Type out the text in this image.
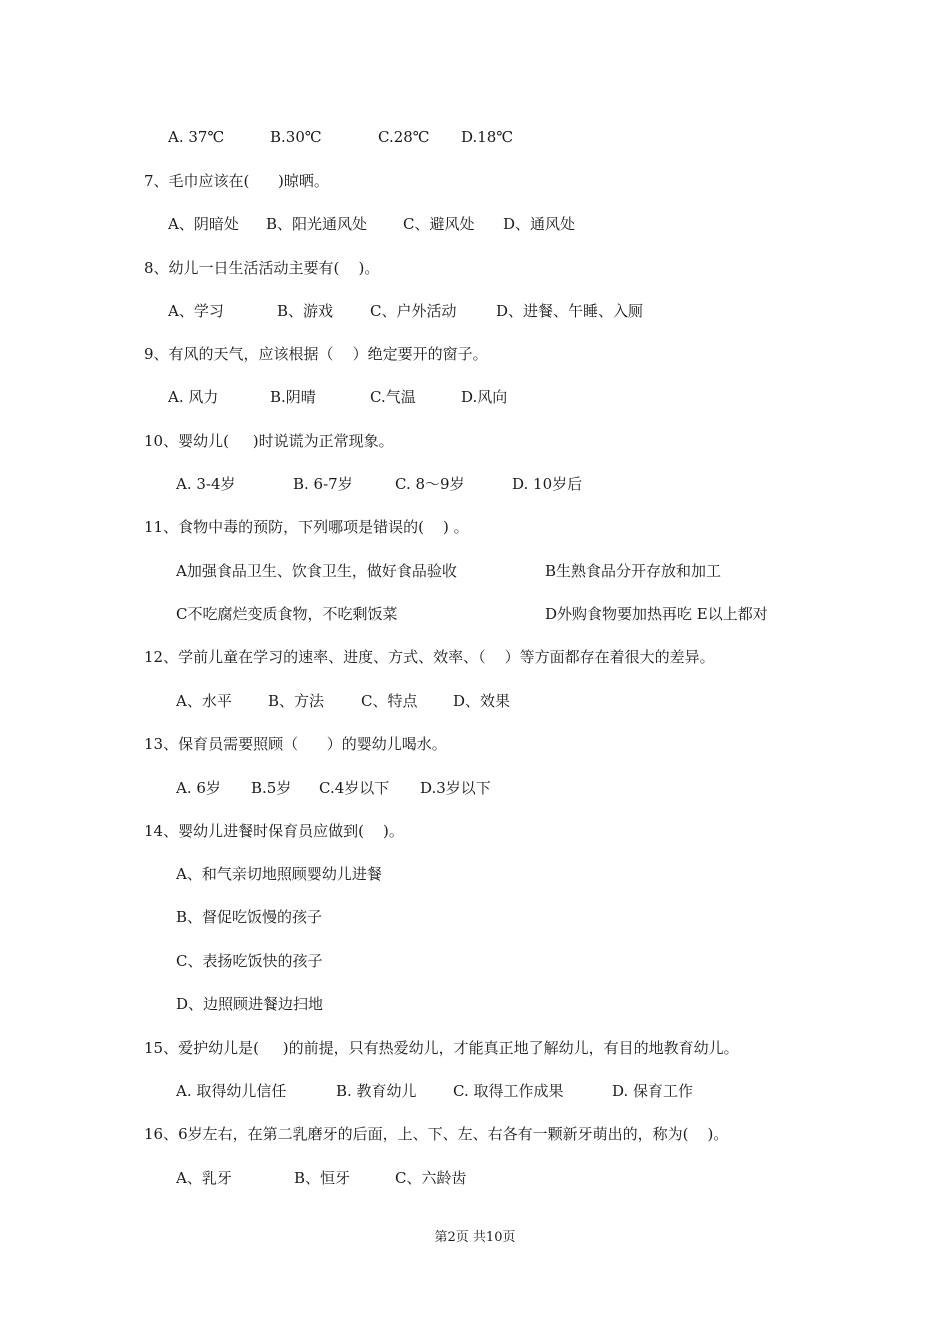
A. 37℃	B.30℃	C.28℃ D.18℃
7、毛巾应该在(      )晾晒。
A、阴暗处 B、阳光通风处 C、避风处 D、通风处
8、幼儿一日生活活动主要有(    )。
A、学习	B、游戏 C、户外活动	D、进餐、午睡、入厕
9、有风的天气，应该根据（    ）绝定要开的窗子。
A. 风力	B.阴晴	C.气温	D.风向
10、婴幼儿(     )时说谎为正常现象。
A. 3-4岁	B. 6-7岁	C. 8～9岁	D. 10岁后
11、食物中毒的预防，下列哪项是错误的(    ) 。
A加强食品卫生、饮食卫生，做好食品验收	B生熟食品分开存放和加工
C不吃腐烂变质食物，不吃剩饭菜	D外购食物要加热再吃 E以上都对
12、学前儿童在学习的速率、进度、方式、效率、（    ）等方面都存在着很大的差异。
A、水平 B、方法 C、特点 D、效果
13、保育员需要照顾（      ）的婴幼儿喝水。
A. 6岁 B.5岁 C.4岁以下 D.3岁以下
14、婴幼儿进餐时保育员应做到(    )。
A、和气亲切地照顾婴幼儿进餐
B、督促吃饭慢的孩子
C、表扬吃饭快的孩子
D、边照顾进餐边扫地
15、爱护幼儿是(     )的前提，只有热爱幼儿，才能真正地了解幼儿，有目的地教育幼儿。
A. 取得幼儿信任	B. 教育幼儿 C. 取得工作成果	D. 保育工作
16、6岁左右，在第二乳磨牙的后面，上、下、左、右各有一颗新牙萌出的，称为(    )。
A、乳牙	B、恒牙	C、六龄齿
第2页 共10页
